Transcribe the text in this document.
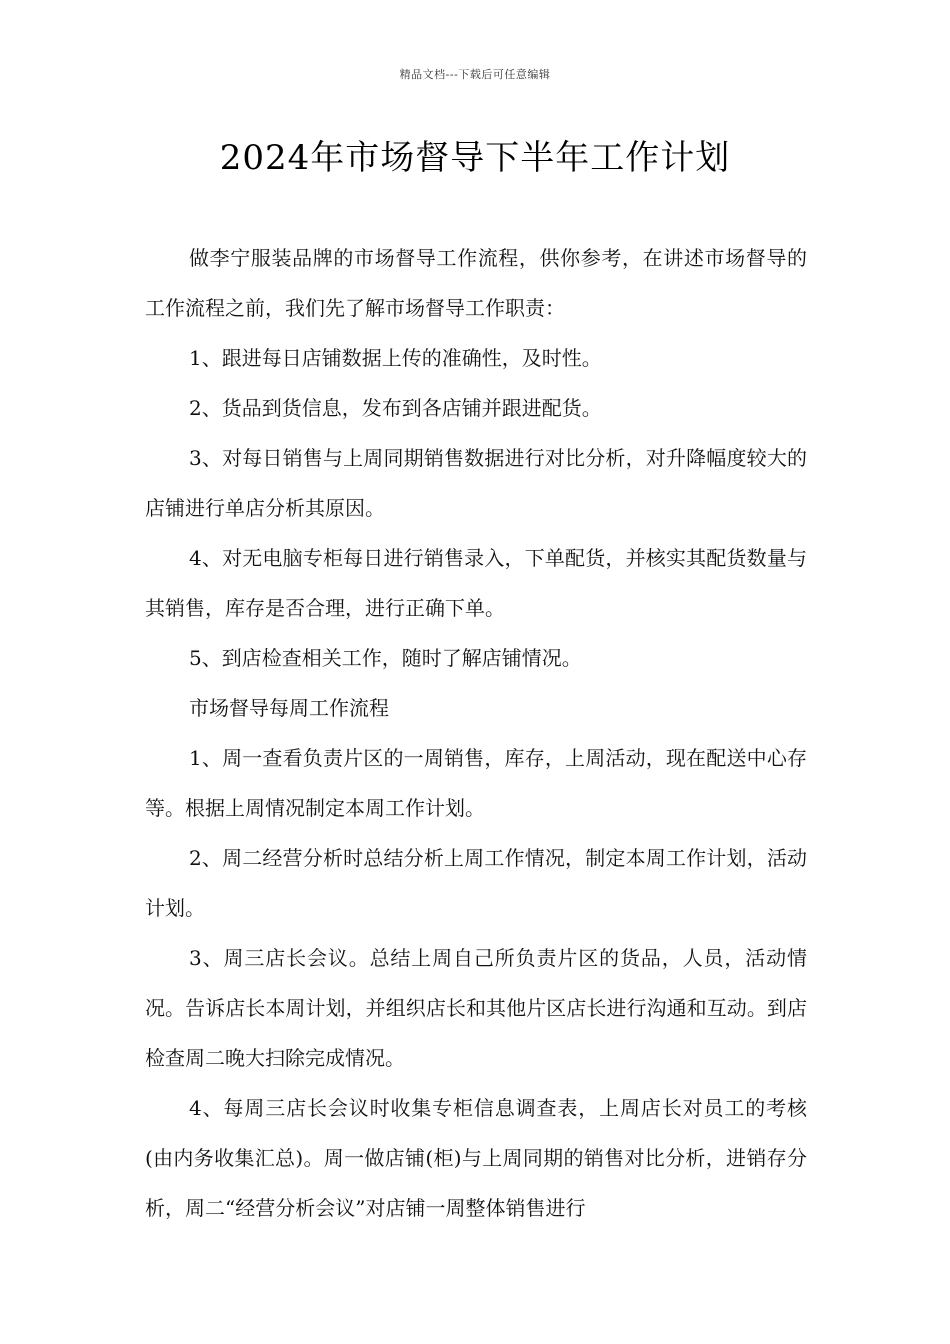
精品文档---下载后可任意编辑
2024年市场督导下半年工作计划

做李宁服装品牌的市场督导工作流程，供你参考，在讲述市场督导的工作流程之前，我们先了解市场督导工作职责：

1、跟进每日店铺数据上传的准确性，及时性。

2、货品到货信息，发布到各店铺并跟进配货。

3、对每日销售与上周同期销售数据进行对比分析，对升降幅度较大的店铺进行单店分析其原因。

4、对无电脑专柜每日进行销售录入，下单配货，并核实其配货数量与其销售，库存是否合理，进行正确下单。

5、到店检查相关工作，随时了解店铺情况。

市场督导每周工作流程

1、周一查看负责片区的一周销售，库存，上周活动，现在配送中心存等。根据上周情况制定本周工作计划。

2、周二经营分析时总结分析上周工作情况，制定本周工作计划，活动计划。

3、周三店长会议。总结上周自己所负责片区的货品，人员，活动情况。告诉店长本周计划，并组织店长和其他片区店长进行沟通和互动。到店检查周二晚大扫除完成情况。

4、每周三店长会议时收集专柜信息调查表，上周店长对员工的考核(由内务收集汇总)。周一做店铺(柜)与上周同期的销售对比分析，进销存分析，周二“经营分析会议”对店铺一周整体销售进行
